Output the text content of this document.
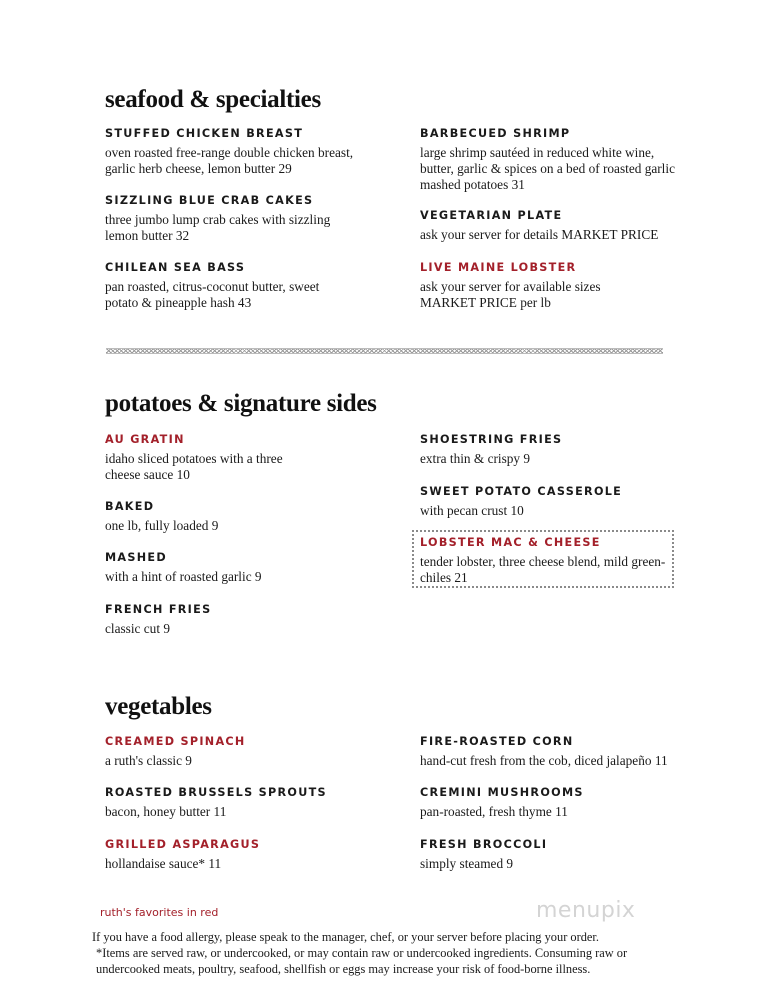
seafood & specialties
STUFFED CHICKEN BREAST
oven roasted free-range double chicken breast, garlic herb cheese, lemon butter 29
SIZZLING BLUE CRAB CAKES
three jumbo lump crab cakes with sizzling lemon butter 32
CHILEAN SEA BASS
pan roasted, citrus-coconut butter, sweet potato & pineapple hash 43
BARBECUED SHRIMP
large shrimp sautéed in reduced white wine, butter, garlic & spices on a bed of roasted garlic mashed potatoes 31
VEGETARIAN PLATE
ask your server for details MARKET PRICE
LIVE MAINE LOBSTER
ask your server for available sizes MARKET PRICE per lb
potatoes & signature sides
AU GRATIN
idaho sliced potatoes with a three cheese sauce 10
BAKED
one lb, fully loaded 9
MASHED
with a hint of roasted garlic 9
FRENCH FRIES
classic cut 9
SHOESTRING FRIES
extra thin & crispy 9
SWEET POTATO CASSEROLE
with pecan crust 10
LOBSTER MAC & CHEESE
tender lobster, three cheese blend, mild green-chiles 21
vegetables
CREAMED SPINACH
a ruth's classic 9
ROASTED BRUSSELS SPROUTS
bacon, honey butter 11
GRILLED ASPARAGUS
hollandaise sauce* 11
FIRE-ROASTED CORN
hand-cut fresh from the cob, diced jalapeño 11
CREMINI MUSHROOMS
pan-roasted, fresh thyme 11
FRESH BROCCOLI
simply steamed 9
menupix
ruth's favorites in red
If you have a food allergy, please speak to the manager, chef, or your server before placing your order.
*Items are served raw, or undercooked, or may contain raw or undercooked ingredients. Consuming raw or undercooked meats, poultry, seafood, shellfish or eggs may increase your risk of food-borne illness.
